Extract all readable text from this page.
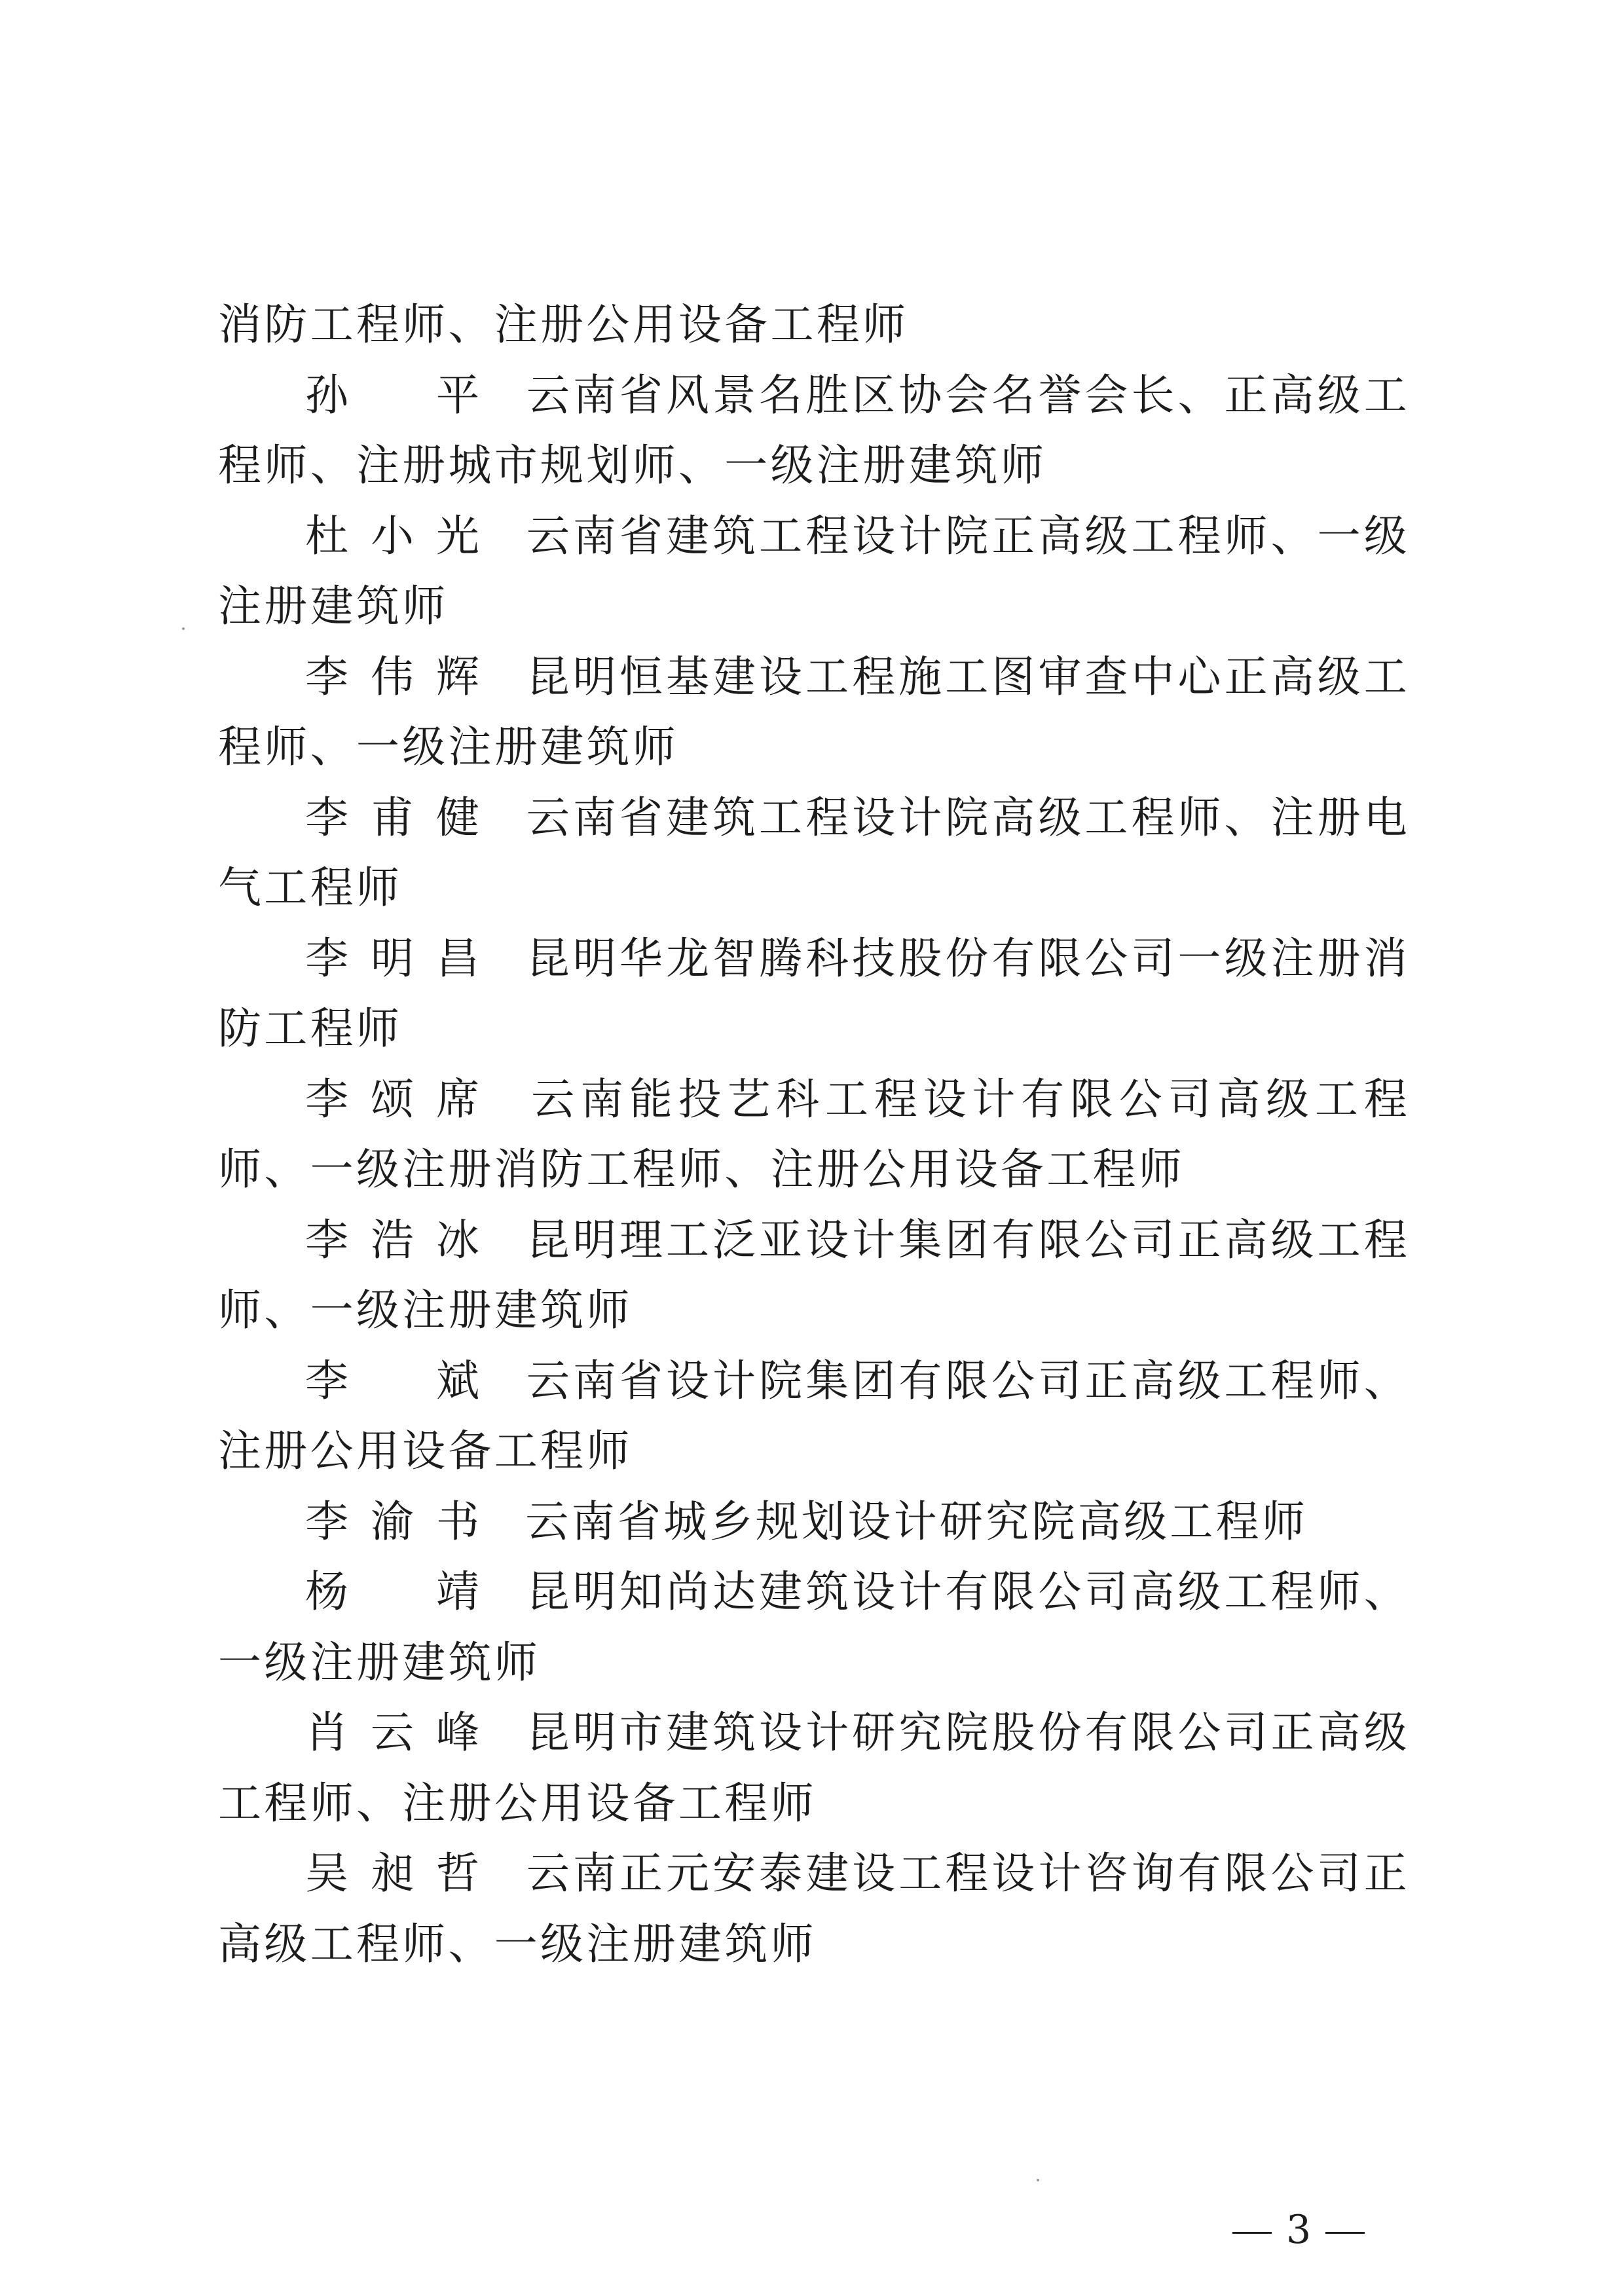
消防工程师、注册公用设备工程师

孙　平　 云南省风景名胜区协会名誉会长、正高级工程师、注册城市规划师、一级注册建筑师

杜小光　 云南省建筑工程设计院正高级工程师、一级注册建筑师

李伟辉　 昆明恒基建设工程施工图审查中心正高级工程师、一级注册建筑师

李甫健　 云南省建筑工程设计院高级工程师、注册电气工程师

李明昌　 昆明华龙智腾科技股份有限公司一级注册消防工程师

李颂席　 云南能投艺科工程设计有限公司高级工程师、一级注册消防工程师、注册公用设备工程师

李浩冰　 昆明理工泛亚设计集团有限公司正高级工程师、一级注册建筑师

李　斌　 云南省设计院集团有限公司正高级工程师、注册公用设备工程师

李渝书　 云南省城乡规划设计研究院高级工程师

杨　靖　 昆明知尚达建筑设计有限公司高级工程师、一级注册建筑师

肖云峰　 昆明市建筑设计研究院股份有限公司正高级工程师、注册公用设备工程师

吴昶哲　 云南正元安泰建设工程设计咨询有限公司正高级工程师、一级注册建筑师

3
